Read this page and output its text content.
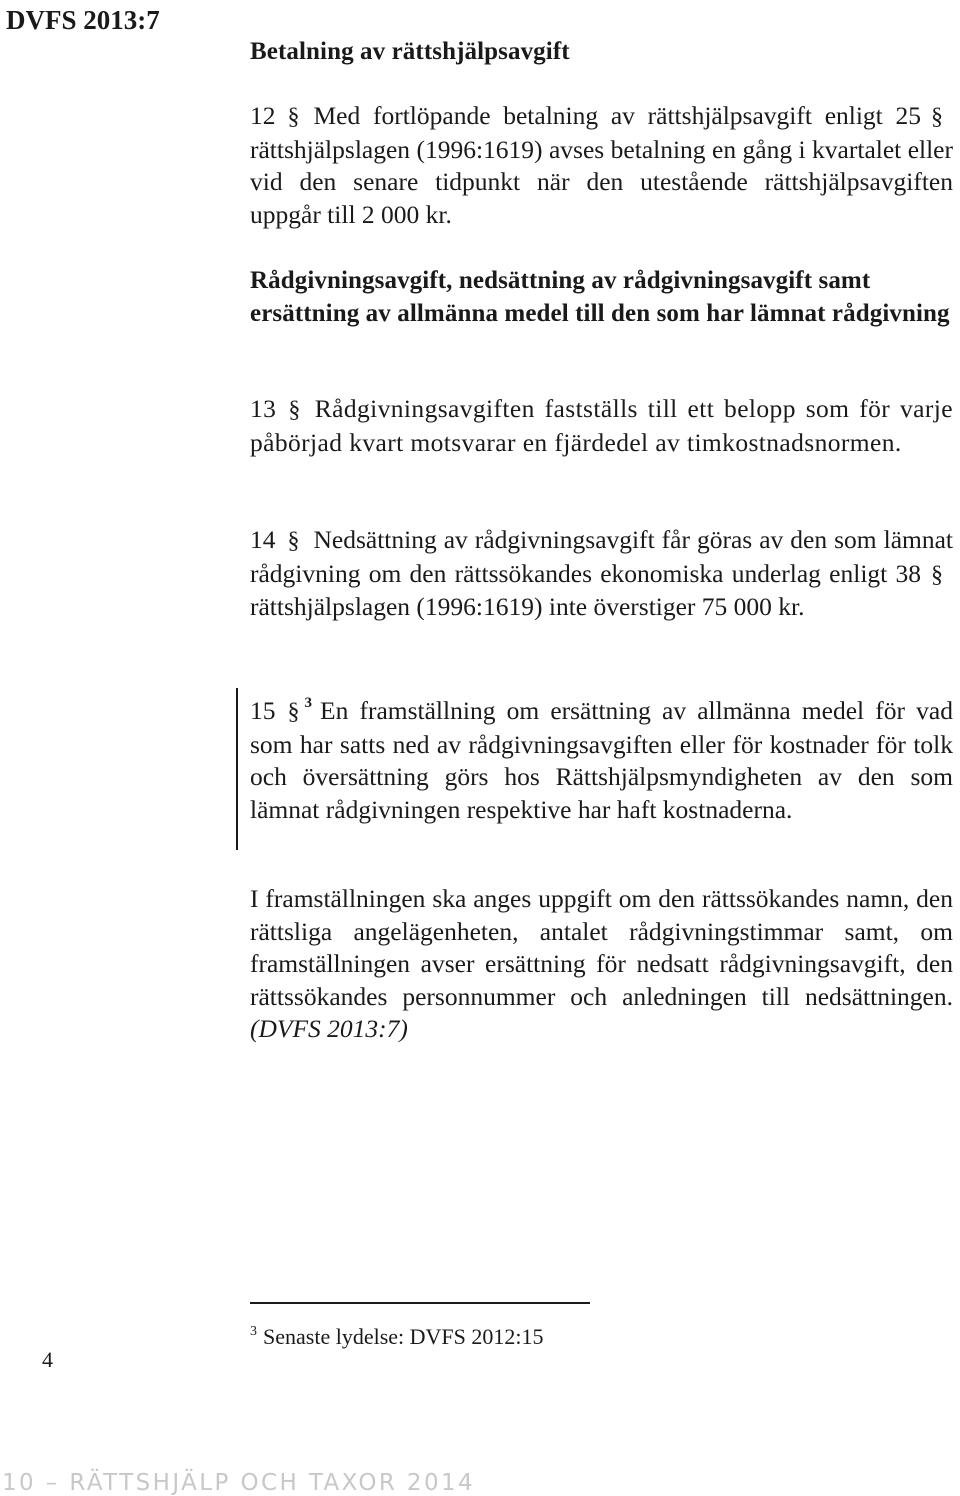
DVFS 2013:7
Betalning av rättshjälpsavgift

12 § Med fortlöpande betalning av rättshjälpsavgift enligt 25 §rättshjälpslagen (1996:1619) avses betalning en gång i kvartalet eller vid den senare tidpunkt när den utestående rättshjälpsavgiften uppgår till 2 000 kr.

Rådgivningsavgift, nedsättning av rådgivningsavgift samt ersättning av allmänna medel till den som har lämnat rådgivning

13 § Rådgivningsavgiften fastställs till ett belopp som för varje påbörjad kvart motsvarar en fjärdedel av timkostnadsnormen.

14 § Nedsättning av rådgivningsavgift får göras av den som lämnat rådgivning om den rättssökandes ekonomiska underlag enligt 38 §rättshjälpslagen (1996:1619) inte överstiger 75 000 kr.

15 § $^3$ En framställning om ersättning av allmänna medel för vad som har satts ned av rådgivningsavgiften eller för kostnader för tolk och översättning görs hos Rättshjälpsmyndigheten av den som lämnat rådgivningen respektive har haft kostnaderna.

I framställningen ska anges uppgift om den rättssökandes namn, den rättsliga angelägenheten, antalet rådgivningstimmar samt, om framställningen avser ersättning för nedsatt rådgivningsavgift, den rättssökandes personnummer och anledningen till nedsättningen. (DVFS 2013:7)

$^3$ Senaste lydelse: DVFS 2012:15
4
10 – RÄTTSHJÄLP OCH TAXOR 2014
